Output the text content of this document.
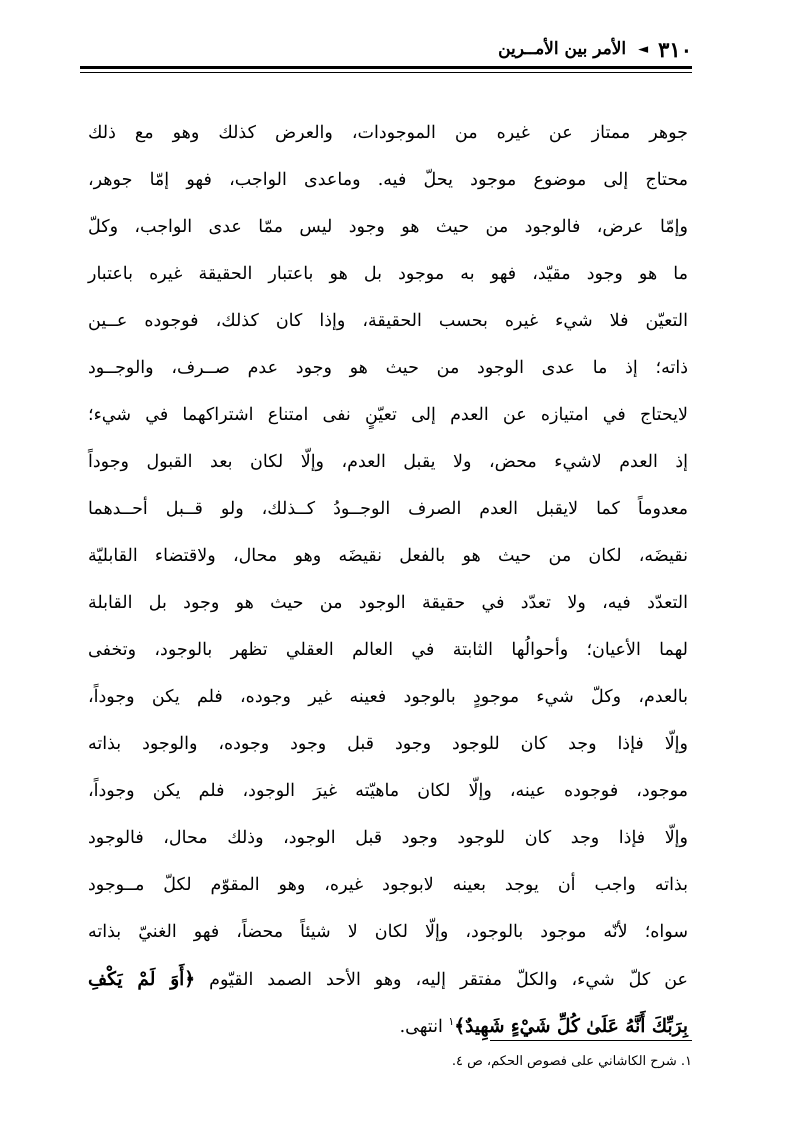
٣١٠
◄
الأمر بين الأمــرين
جوهر ممتاز عن غيره من الموجودات، والعرض كذلك وهو مع ذلك
محتاج إلى موضوع موجود يحلّ فيه. وماعدى الواجب، فهو إمّا جوهر،
وإمّا عرض، فالوجود من حيث هو وجود ليس ممّا عدى الواجب، وكلّ
ما هو وجود مقيّد، فهو به موجود بل هو باعتبار الحقيقة غيره باعتبار
التعيّن فلا شيء غيره بحسب الحقيقة، وإذا كان كذلك، فوجوده عــين
ذاته؛ إذ ما عدى الوجود من حيث هو وجود عدم صــرف، والوجــود
لايحتاج في امتيازه عن العدم إلى تعيّنٍ نفى امتناع اشتراكهما في شيء؛
إذ العدم لاشيء محض، ولا يقبل العدم، وإلّا لكان بعد القبول وجوداً
معدوماً كما لايقبل العدم الصرف الوجــودُ كــذلك، ولو قــبل أحــدهما
نقيضَه، لكان من حيث هو بالفعل نقيضَه وهو محال، ولاقتضاء القابليّة
التعدّد فيه، ولا تعدّد في حقيقة الوجود من حيث هو وجود بل القابلة
لهما الأعيان؛ وأحوالُها الثابتة في العالم العقلي تظهر بالوجود، وتخفى
بالعدم، وكلّ شيء موجودٍ بالوجود فعينه غير وجوده، فلم يكن وجوداً،
وإلّا فإذا وجد كان للوجود وجود قبل وجود وجوده، والوجود بذاته
موجود، فوجوده عينه، وإلّا لكان ماهيّته غيرَ الوجود، فلم يكن وجوداً،
وإلّا فإذا وجد كان للوجود وجود قبل الوجود، وذلك محال، فالوجود
بذاته واجب أن يوجد بعينه لابوجود غيره، وهو المقوّم لكلّ مــوجود
سواه؛ لأنّه موجود بالوجود، وإلّا لكان لا شيئاً محضاً، فهو الغنيّ بذاته
عن كلّ شيء، والكلّ مفتقر إليه، وهو الأحد الصمد القيّوم ﴿أَوَ لَمْ يَكْفِ
بِرَبِّكَ أَنَّهُ عَلَىٰ كُلِّ شَيْءٍ شَهِيدٌ﴾$^١$ انتهى.
١. شرح الكاشاني على فصوص الحكم، ص ٤.
